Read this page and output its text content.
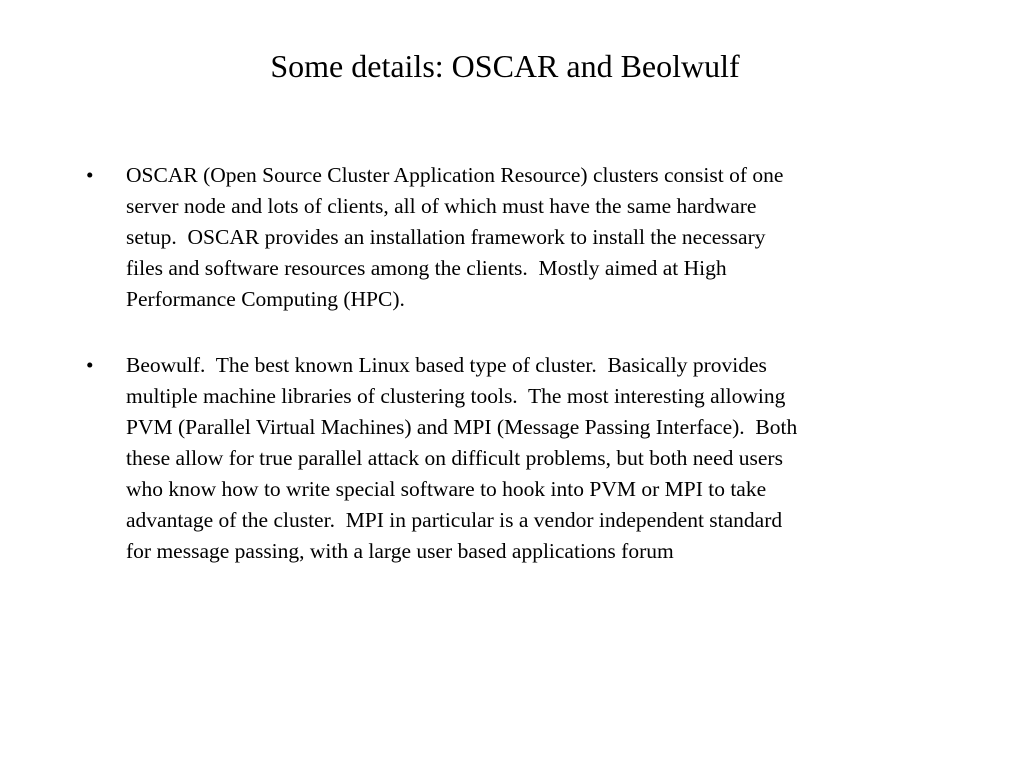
Some details: OSCAR and Beolwulf
•	OSCAR (Open Source Cluster Application Resource) clusters consist of one
server node and lots of clients, all of which must have the same hardware
setup.  OSCAR provides an installation framework to install the necessary
files and software resources among the clients.  Mostly aimed at High
Performance Computing (HPC).
•	Beowulf.  The best known Linux based type of cluster.  Basically provides
multiple machine libraries of clustering tools.  The most interesting allowing
PVM (Parallel Virtual Machines) and MPI (Message Passing Interface).  Both
these allow for true parallel attack on difficult problems, but both need users
who know how to write special software to hook into PVM or MPI to take
advantage of the cluster.  MPI in particular is a vendor independent standard
for message passing, with a large user based applications forum
